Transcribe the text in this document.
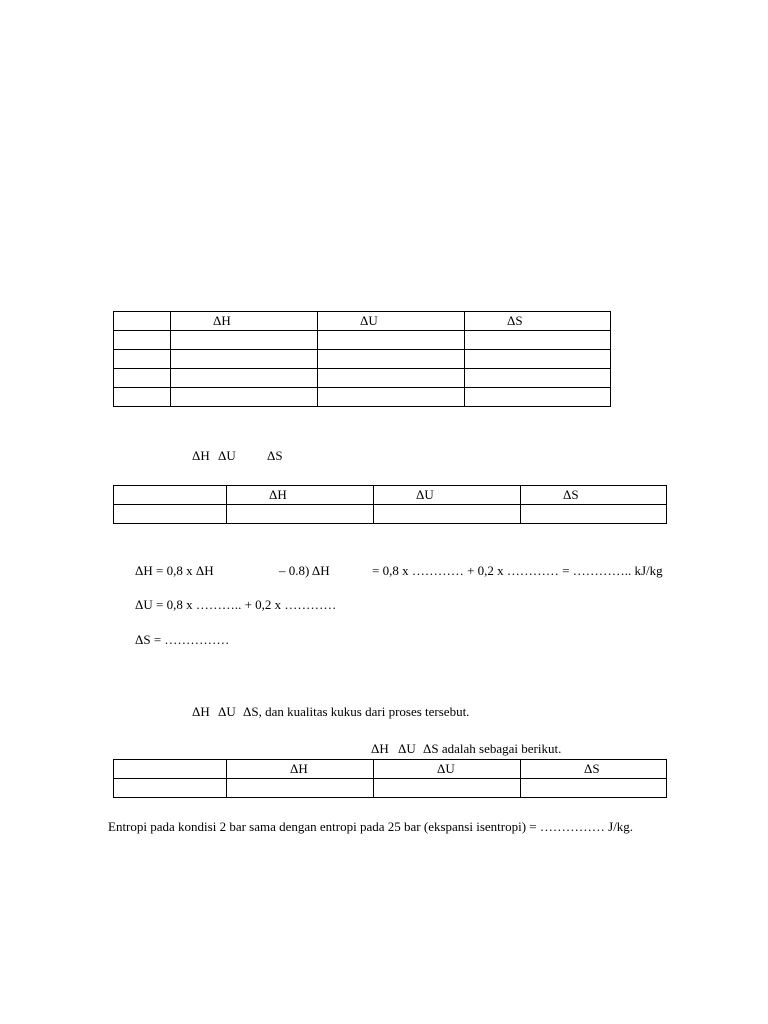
	ΔH	ΔU	ΔS

ΔH ΔU ΔS
	ΔH	ΔU	ΔS

ΔH = 0,8 x ΔH	– 0.8) ΔH	= 0,8 x ………… + 0,2 x ………… = ………….. kJ/kg
ΔU = 0,8 x ……….. + 0,2 x …………
ΔS = ……………
ΔH ΔU ΔS, dan kualitas kukus dari proses tersebut.
ΔH ΔU ΔS adalah sebagai berikut.
	ΔH	ΔU	ΔS

Entropi pada kondisi 2 bar sama dengan entropi pada 25 bar (ekspansi isentropi) = …………… J/kg.
